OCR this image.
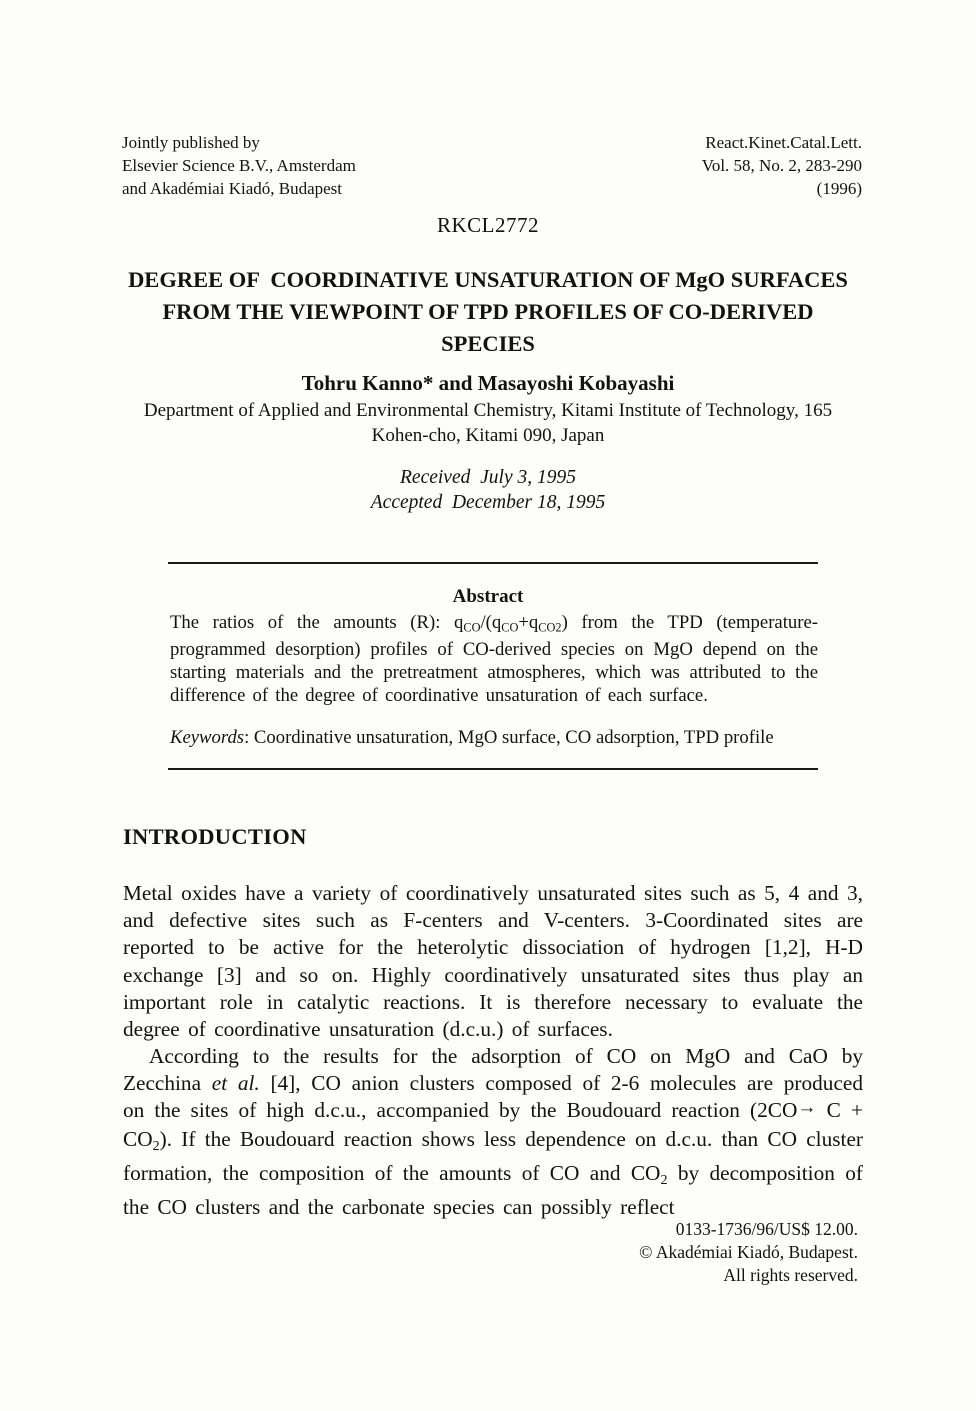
Jointly published by
Elsevier Science B.V., Amsterdam
and Akadémiai Kiadó, Budapest
React.Kinet.Catal.Lett.
Vol. 58, No. 2, 283-290
(1996)
RKCL2772
DEGREE OF  COORDINATIVE UNSATURATION OF MgO SURFACES
FROM THE VIEWPOINT OF TPD PROFILES OF CO-DERIVED
SPECIES
Tohru Kanno* and Masayoshi Kobayashi
Department of Applied and Environmental Chemistry, Kitami Institute of Technology, 165
Kohen-cho, Kitami 090, Japan
Received  July 3, 1995
Accepted  December 18, 1995
Abstract
The ratios of the amounts (R): $q_{CO}/(q_{CO}+q_{CO2})$ from the TPD (temperature-programmed desorption) profiles of CO-derived species on MgO depend on the starting materials and the pretreatment atmospheres, which was attributed to the difference of the degree of coordinative unsaturation of each surface.
Keywords: Coordinative unsaturation, MgO surface, CO adsorption, TPD profile
INTRODUCTION
Metal oxides have a variety of coordinatively unsaturated sites such as 5, 4 and 3, and defective sites such as F-centers and V-centers. 3-Coordinated sites are reported to be active for the heterolytic dissociation of hydrogen [1,2], H-D exchange [3] and so on. Highly coordinatively unsaturated sites thus play an important role in catalytic reactions. It is therefore necessary to evaluate the degree of coordinative unsaturation (d.c.u.) of surfaces.
According to the results for the adsorption of CO on MgO and CaO by Zecchina et al. [4], CO anion clusters composed of 2-6 molecules are produced on the sites of high d.c.u., accompanied by the Boudouard reaction $(2CO\to C + CO_2)$. If the Boudouard reaction shows less dependence on d.c.u. than CO cluster formation, the composition of the amounts of CO and $CO_2$ by decomposition of the CO clusters and the carbonate species can possibly reflect
0133-1736/96/US$ 12.00.
© Akadémiai Kiadó, Budapest.
All rights reserved.
